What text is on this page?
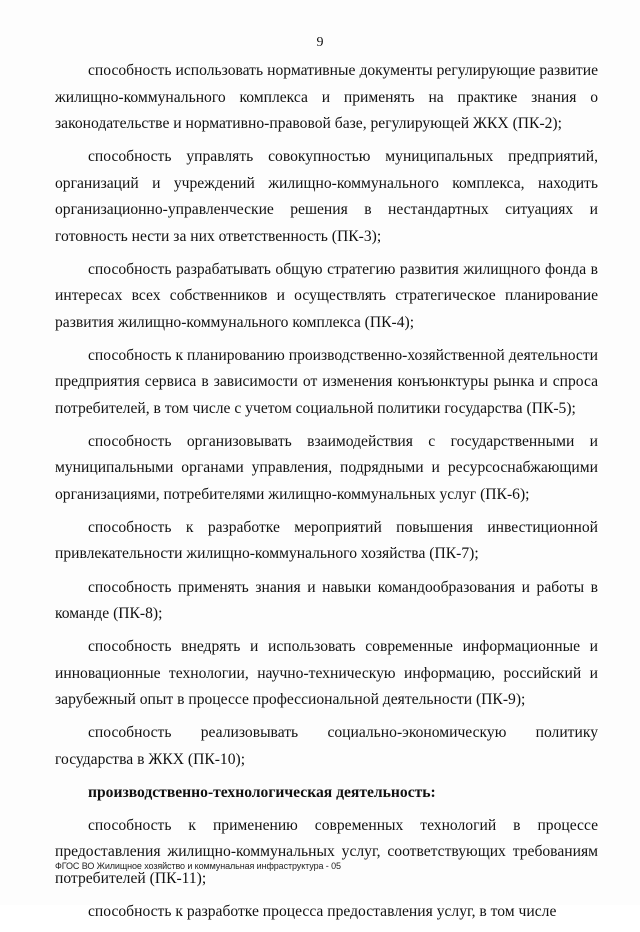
9

способность использовать нормативные документы регулирующие развитие жилищно-коммунального комплекса и применять на практике знания о законодательстве и нормативно-правовой базе, регулирующей ЖКХ (ПК-2);

способность управлять совокупностью муниципальных предприятий, организаций и учреждений жилищно-коммунального комплекса, находить организационно-управленческие решения в нестандартных ситуациях и готовность нести за них ответственность (ПК-3);

способность разрабатывать общую стратегию развития жилищного фонда в интересах всех собственников и осуществлять стратегическое планирование развития жилищно-коммунального комплекса (ПК-4);

способность к планированию производственно-хозяйственной деятельности предприятия сервиса в зависимости от изменения конъюнктуры рынка и спроса потребителей, в том числе с учетом социальной политики государства (ПК-5);

способность организовывать взаимодействия с государственными и муниципальными органами управления, подрядными и ресурсоснабжающими организациями, потребителями жилищно-коммунальных услуг (ПК-6);

способность к разработке мероприятий повышения инвестиционной привлекательности жилищно-коммунального хозяйства (ПК-7);

способность применять знания и навыки командообразования и работы в команде (ПК-8);

способность внедрять и использовать современные информационные и инновационные технологии, научно-техническую информацию, российский и зарубежный опыт в процессе профессиональной деятельности (ПК-9);

способность реализовывать социально-экономическую политику государства в ЖКХ (ПК-10);

производственно-технологическая деятельность:

способность к применению современных технологий в процессе предоставления жилищно-коммунальных услуг, соответствующих требованиям потребителей (ПК-11);

способность к разработке процесса предоставления услуг, в том числе

ФГОС ВО Жилищное хозяйство и коммунальная инфраструктура - 05
